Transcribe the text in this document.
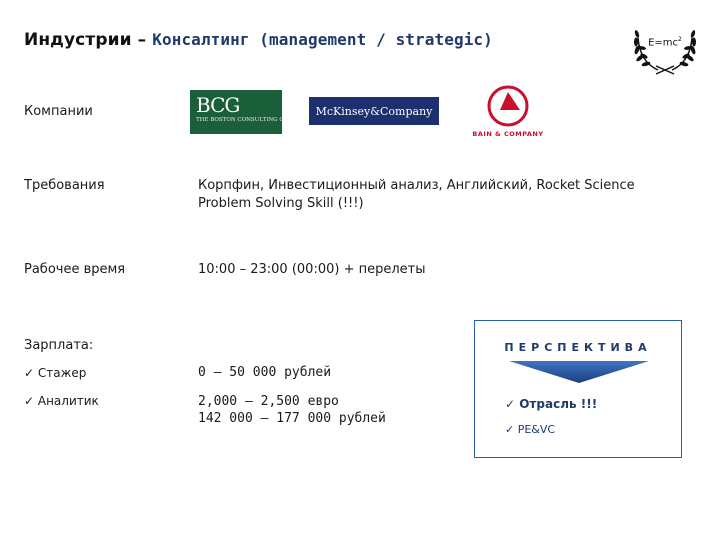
Индустрии – Консалтинг (management / strategic)	$E=mc^2$
Компании	BCG
THE BOSTON CONSULTING GROUP
McKinsey&Company
BAIN & COMPANY
Требования	Корпфин, Инвестиционный анализ, Английский, Rocket Science
Problem Solving Skill (!!!)
Рабочее время	10:00 – 23:00 (00:00) + перелеты
Зарплата:
✓ Стажер	0 – 50 000 рублей
✓ Аналитик	2,000 – 2,500 евро
142 000 – 177 000 рублей
ПЕРСПЕКТИВА
✓ Отрасль !!!
✓ PE&VC
